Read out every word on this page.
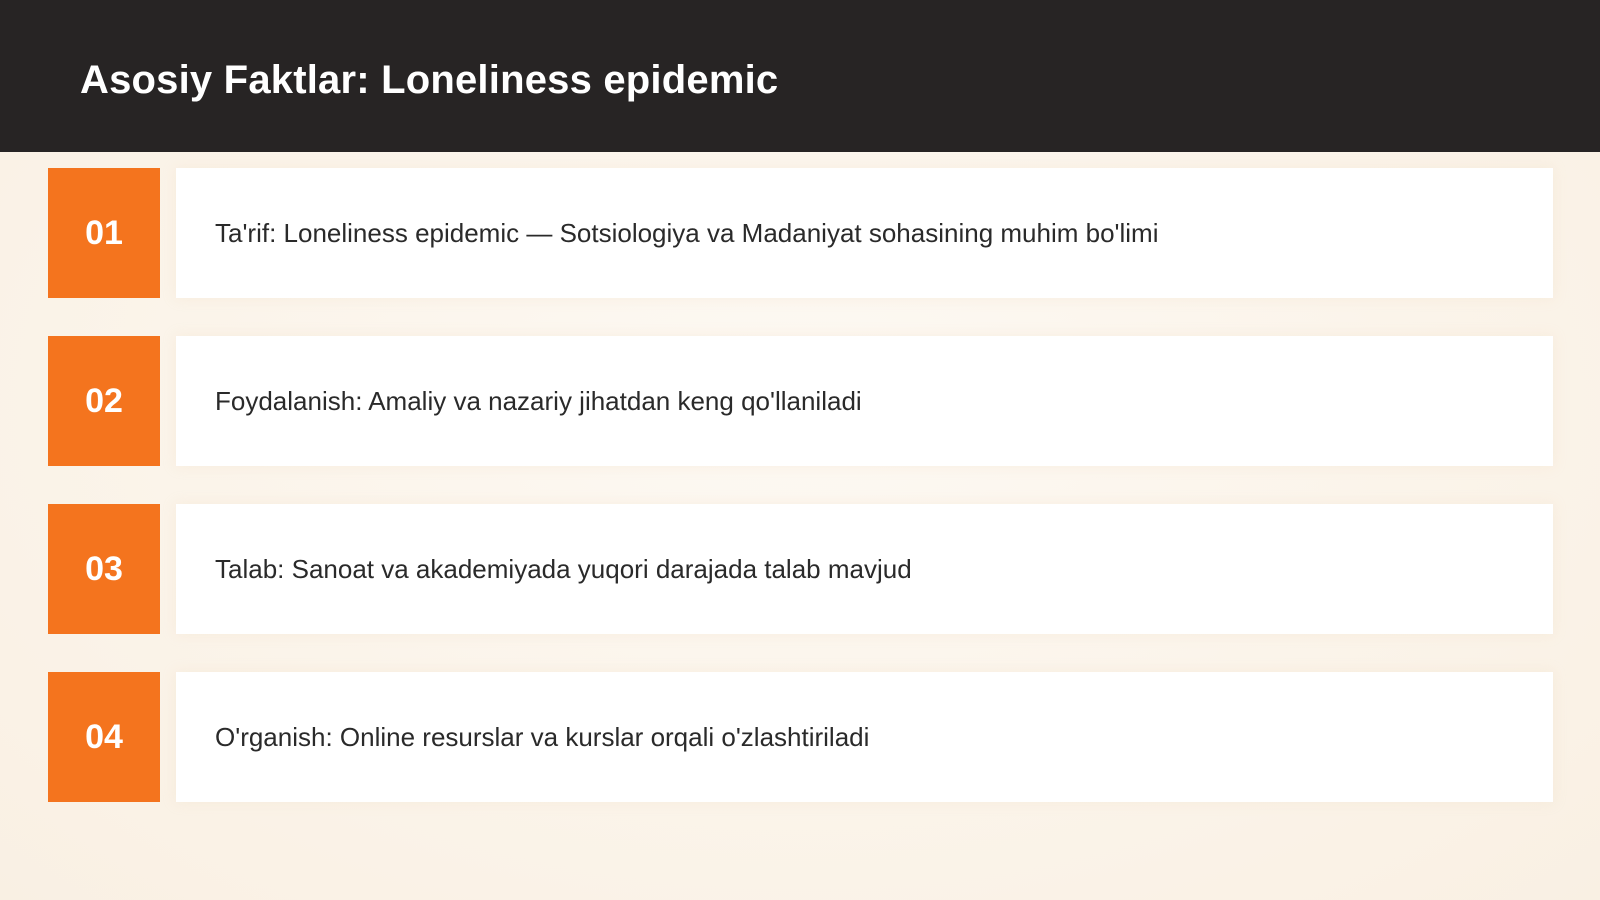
Asosiy Faktlar: Loneliness epidemic
01	Ta'rif: Loneliness epidemic — Sotsiologiya va Madaniyat sohasining muhim bo'limi
02	Foydalanish: Amaliy va nazariy jihatdan keng qo'llaniladi
03	Talab: Sanoat va akademiyada yuqori darajada talab mavjud
04	O'rganish: Online resurslar va kurslar orqali o'zlashtiriladi
